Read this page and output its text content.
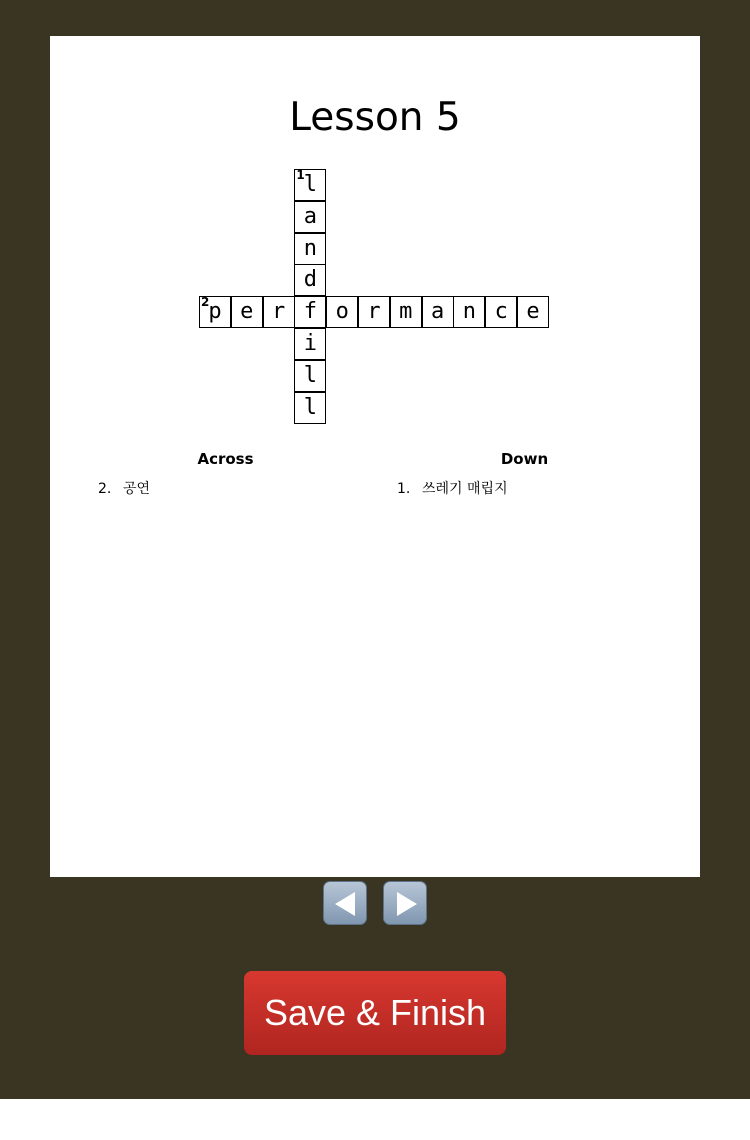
Lesson 5
1 l
a
n
d
2 p e r f o r m a n c e
i
l
l
Across
2. 공연
Down
1. 쓰레기 매립지
Save & Finish
